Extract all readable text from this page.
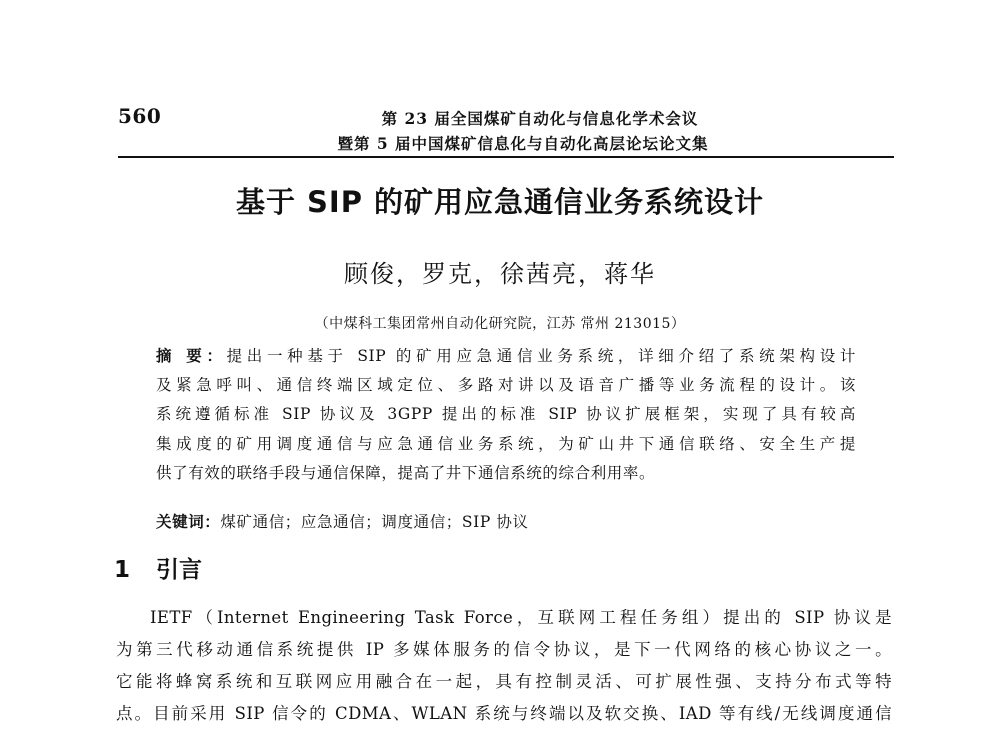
560	第 23 届全国煤矿自动化与信息化学术会议
暨第 5 届中国煤矿信息化与自动化高层论坛论文集
基于 SIP 的矿用应急通信业务系统设计
顾俊，罗克，徐茜亮，蒋华
（中煤科工集团常州自动化研究院，江苏 常州 213015）

摘 要：提出一种基于 SIP 的矿用应急通信业务系统，详细介绍了系统架构设计

及紧急呼叫、通信终端区域定位、多路对讲以及语音广播等业务流程的设计。该

系统遵循标准 SIP 协议及 3GPP 提出的标准 SIP 协议扩展框架，实现了具有较高

集成度的矿用调度通信与应急通信业务系统，为矿山井下通信联络、安全生产提

供了有效的联络手段与通信保障，提高了井下通信系统的综合利用率。

关键词：煤矿通信；应急通信；调度通信；SIP 协议
1 引言
IETF（Internet Engineering Task Force，互联网工程任务组）提出的 SIP 协议是
为第三代移动通信系统提供 IP 多媒体服务的信令协议，是下一代网络的核心协议之一。
它能将蜂窝系统和互联网应用融合在一起，具有控制灵活、可扩展性强、支持分布式等特
点。目前采用 SIP 信令的 CDMA、WLAN 系统与终端以及软交换、IAD 等有线/无线调度通信
